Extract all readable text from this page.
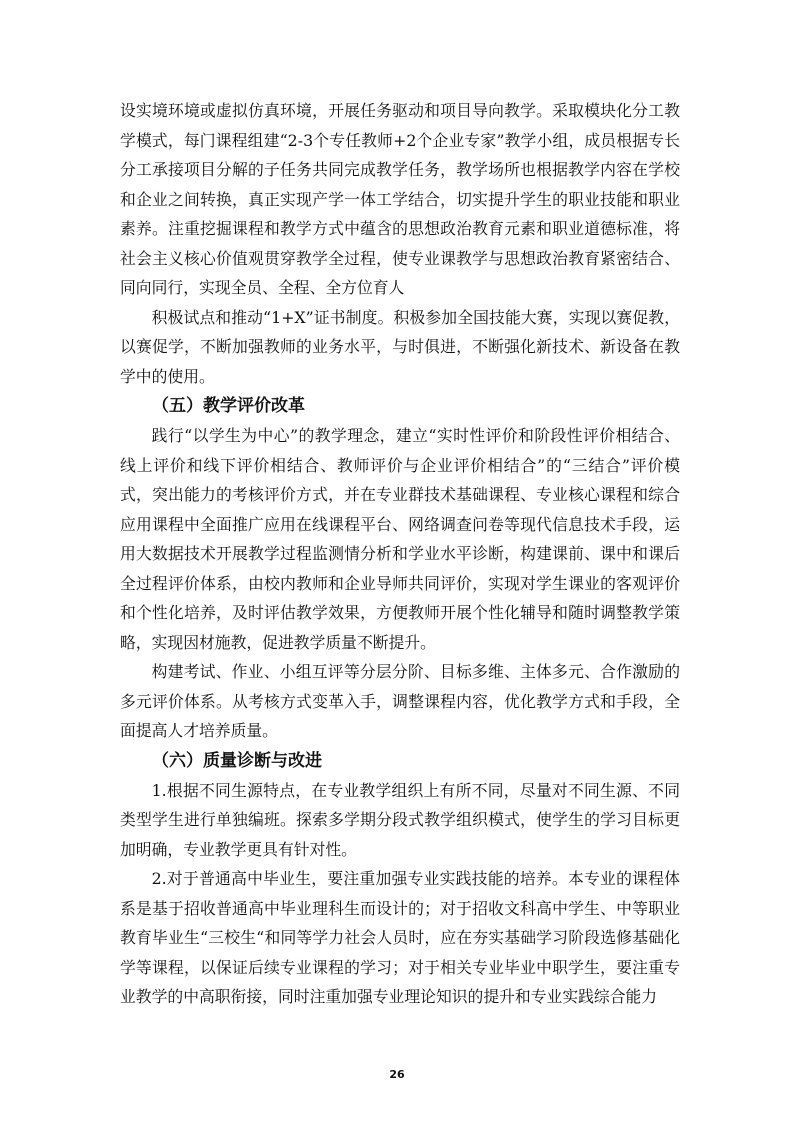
设实境环境或虚拟仿真环境，开展任务驱动和项目导向教学。采取模块化分工教学模式，每门课程组建“2-3个专任教师+2个企业专家”教学小组，成员根据专长分工承接项目分解的子任务共同完成教学任务，教学场所也根据教学内容在学校和企业之间转换，真正实现产学一体工学结合，切实提升学生的职业技能和职业素养。注重挖掘课程和教学方式中蕴含的思想政治教育元素和职业道德标准，将社会主义核心价值观贯穿教学全过程，使专业课教学与思想政治教育紧密结合、同向同行，实现全员、全程、全方位育人

积极试点和推动“1+X”证书制度。积极参加全国技能大赛，实现以赛促教，以赛促学，不断加强教师的业务水平，与时俱进，不断强化新技术、新设备在教学中的使用。

（五）教学评价改革

践行“以学生为中心”的教学理念，建立“实时性评价和阶段性评价相结合、线上评价和线下评价相结合、教师评价与企业评价相结合”的“三结合”评价模式，突出能力的考核评价方式，并在专业群技术基础课程、专业核心课程和综合应用课程中全面推广应用在线课程平台、网络调查问卷等现代信息技术手段，运用大数据技术开展教学过程监测情分析和学业水平诊断，构建课前、课中和课后全过程评价体系，由校内教师和企业导师共同评价，实现对学生课业的客观评价和个性化培养，及时评估教学效果，方便教师开展个性化辅导和随时调整教学策略，实现因材施教，促进教学质量不断提升。

构建考试、作业、小组互评等分层分阶、目标多维、主体多元、合作激励的多元评价体系。从考核方式变革入手，调整课程内容，优化教学方式和手段，全面提高人才培养质量。

（六）质量诊断与改进

1.根据不同生源特点，在专业教学组织上有所不同，尽量对不同生源、不同类型学生进行单独编班。探索多学期分段式教学组织模式，使学生的学习目标更加明确，专业教学更具有针对性。

2.对于普通高中毕业生，要注重加强专业实践技能的培养。本专业的课程体系是基于招收普通高中毕业理科生而设计的；对于招收文科高中学生、中等职业教育毕业生“三校生“和同等学力社会人员时，应在夯实基础学习阶段选修基础化学等课程，以保证后续专业课程的学习；对于相关专业毕业中职学生，要注重专业教学的中高职衔接，同时注重加强专业理论知识的提升和专业实践综合能力

26
